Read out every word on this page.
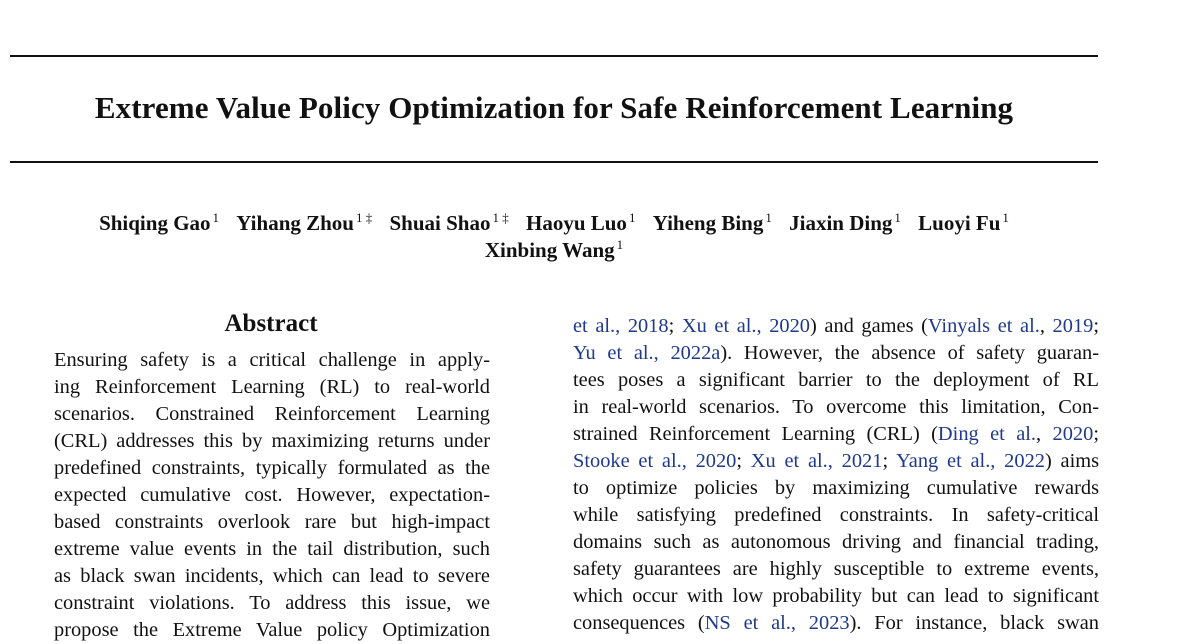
Extreme Value Policy Optimization for Safe Reinforcement Learning
Shiqing Gao $^1$ Yihang Zhou $^{1 \ddagger}$ Shuai Shao $^{1 \ddagger}$ Haoyu Luo $^1$ Yiheng Bing $^1$ Jiaxin Ding $^1$ Luoyi Fu $^1$
Xinbing Wang $^1$
Abstract
Ensuring safety is a critical challenge in apply-
ing Reinforcement Learning (RL) to real-world
scenarios. Constrained Reinforcement Learning
(CRL) addresses this by maximizing returns under
predefined constraints, typically formulated as the
expected cumulative cost. However, expectation-
based constraints overlook rare but high-impact
extreme value events in the tail distribution, such
as black swan incidents, which can lead to severe
constraint violations. To address this issue, we
propose the Extreme Value policy Optimization
et al., 2018; Xu et al., 2020) and games (Vinyals et al., 2019;
Yu et al., 2022a). However, the absence of safety guaran-
tees poses a significant barrier to the deployment of RL
in real-world scenarios. To overcome this limitation, Con-
strained Reinforcement Learning (CRL) (Ding et al., 2020;
Stooke et al., 2020; Xu et al., 2021; Yang et al., 2022) aims
to optimize policies by maximizing cumulative rewards
while satisfying predefined constraints. In safety-critical
domains such as autonomous driving and financial trading,
safety guarantees are highly susceptible to extreme events,
which occur with low probability but can lead to significant
consequences (NS et al., 2023). For instance, black swan
